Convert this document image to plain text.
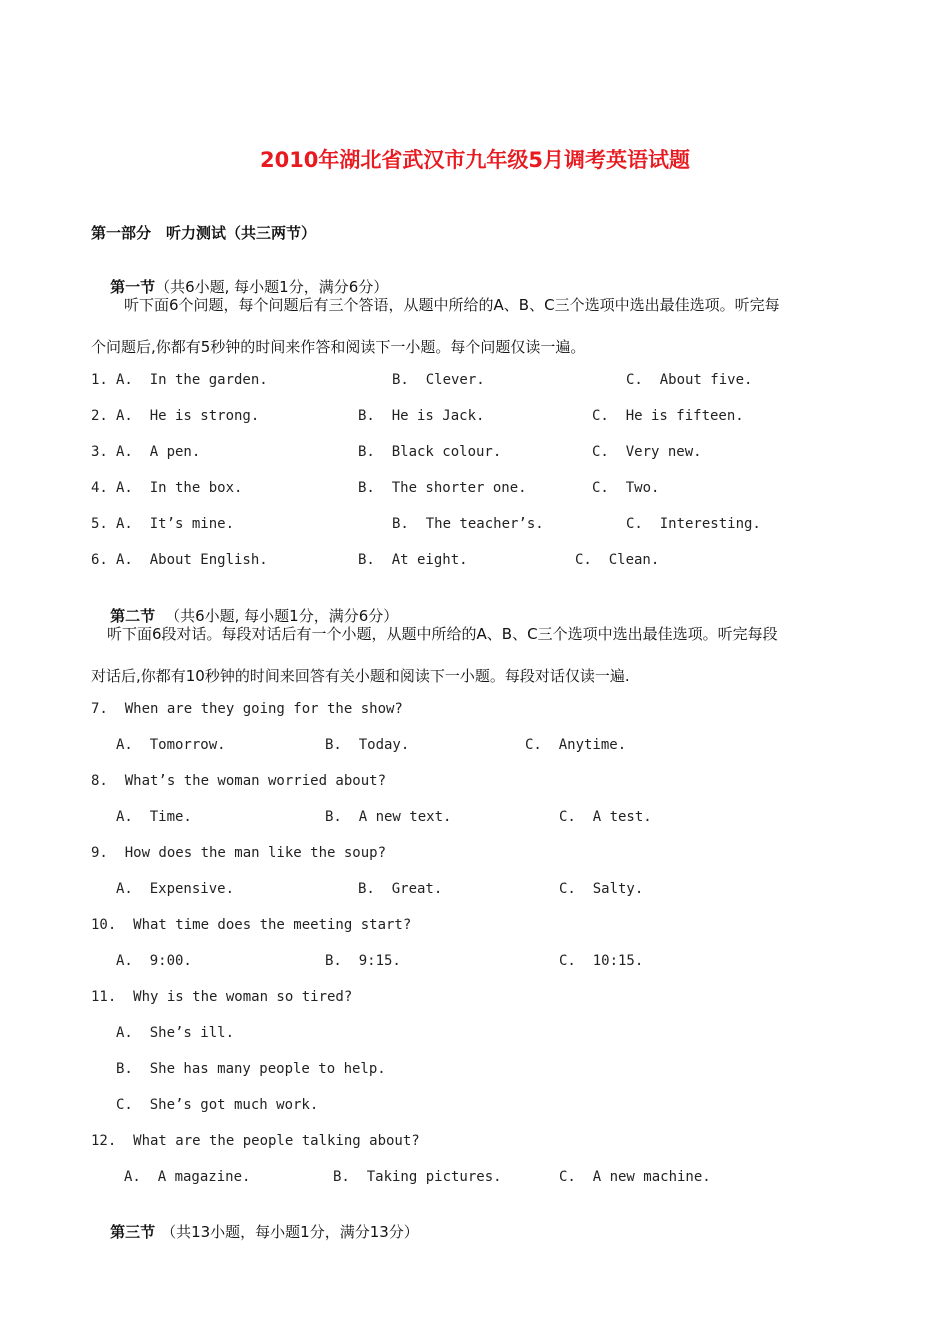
2010年湖北省武汉市九年级5月调考英语试题
第一部分　听力测试（共三两节）

第一节（共6小题, 每小题1分，满分6分）

听下面6个问题，每个问题后有三个答语，从题中所给的A、B、C三个选项中选出最佳选项。听完每
个问题后,你都有5秒钟的时间来作答和阅读下一小题。每个问题仅读一遍。
1. A.  In the garden.	B.  Clever.	C.  About five.
2. A.  He is strong.	B.  He is Jack.	C.  He is fifteen.
3. A.  A pen.	B.  Black colour.	C.  Very new.
4. A.  In the box.	B.  The shorter one.	C.  Two.
5. A.  It’s mine.	B.  The teacher’s.	C.  Interesting.
6. A.  About English.	B.  At eight.	C.  Clean.

第二节 （共6小题, 每小题1分，满分6分）

听下面6段对话。每段对话后有一个小题，从题中所给的A、B、C三个选项中选出最佳选项。听完每段
对话后,你都有10秒钟的时间来回答有关小题和阅读下一小题。每段对话仅读一遍.
7.  When are they going for the show?
A.  Tomorrow.	B.  Today.	C.  Anytime.
8.  What’s the woman worried about?
A.  Time.	B.  A new text.	C.  A test.
9.  How does the man like the soup?
A.  Expensive.	B.  Great.	C.  Salty.
10.  What time does the meeting start?
A.  9:00.	B.  9:15.	C.  10:15.
11.  Why is the woman so tired?
A.  She’s ill.
B.  She has many people to help.
C.  She’s got much work.
12.  What are the people talking about?
A.  A magazine.	B.  Taking pictures.	C.  A new machine.

第三节 （共13小题，每小题1分，满分13分）
